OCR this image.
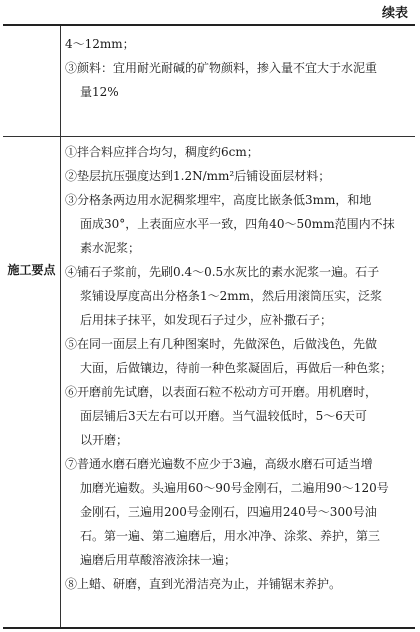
续表

4～12mm；

③颜料：宜用耐光耐碱的矿物颜料，掺入量不宜大于水泥重

量12%

施工要点

①拌合料应拌合均匀，稠度约6cm；

②垫层抗压强度达到1.2N/mm²后铺设面层材料；

③分格条两边用水泥稠浆埋牢，高度比嵌条低3mm，和地

面成30°，上表面应水平一致，四角40～50mm范围内不抹

素水泥浆；

④铺石子浆前，先刷0.4～0.5水灰比的素水泥浆一遍。石子

浆铺设厚度高出分格条1～2mm，然后用滚筒压实，泛浆

后用抹子抹平，如发现石子过少，应补撒石子；

⑤在同一面层上有几种图案时，先做深色，后做浅色，先做

大面，后做镶边，待前一种色浆凝固后，再做后一种色浆；

⑥开磨前先试磨，以表面石粒不松动方可开磨。用机磨时，

面层铺后3天左右可以开磨。当气温较低时，5～6天可

以开磨；

⑦普通水磨石磨光遍数不应少于3遍，高级水磨石可适当增

加磨光遍数。头遍用60～90号金刚石，二遍用90～120号

金刚石，三遍用200号金刚石，四遍用240号～300号油

石。第一遍、第二遍磨后，用水冲净、涂浆、养护，第三

遍磨后用草酸溶液涂抹一遍；

⑧上蜡、研磨，直到光滑洁亮为止，并铺锯末养护。
